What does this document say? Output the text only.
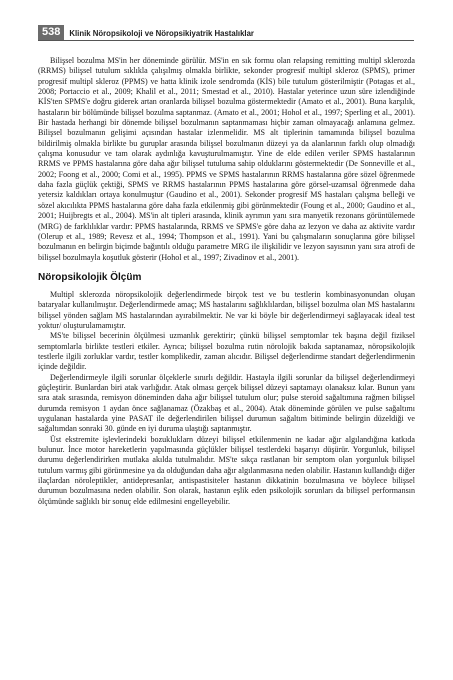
538	Klinik Nöropsikoloji ve Nöropsikiyatrik Hastalıklar

Bilişsel bozulma MS'in her döneminde görülür. MS'in en sık formu olan relapsing remitting multipl sklerozda (RRMS) bilişsel tutulum sıklıkla çalışılmış olmakla birlikte, sekonder progresif multipl skleroz (SPMS), primer progresif multipl skleroz (PPMS) ve hatta klinik izole sendromda (KİS) bile tutulum gösterilmiştir (Potagas et al., 2008; Portaccio et al., 2009; Khalil et al., 2011; Smestad et al., 2010). Hastalar yeterince uzun süre izlendiğinde KİS'ten SPMS'e doğru giderek artan oranlarda bilişsel bozulma göstermektedir (Amato et al., 2001). Buna karşılık, hastaların bir bölümünde bilişsel bozulma saptanmaz. (Amato et al., 2001; Hohol et al., 1997; Sperling et al., 2001). Bir hastada herhangi bir dönemde bilişsel bozulmanın saptanmaması hiçbir zaman olmayacağı anlamına gelmez. Bilişsel bozulmanın gelişimi açısından hastalar izlenmelidir. MS alt tiplerinin tamamında bilişsel bozulma bildirilmiş olmakla birlikte bu guruplar arasında bilişsel bozulmanın düzeyi ya da alanlarının farklı olup olmadığı çalışma konusudur ve tam olarak aydınlığa kavuşturulmamıştır. Yine de elde edilen veriler SPMS hastalarının RRMS ve PPMS hastalarına göre daha ağır bilişsel tutuluma sahip olduklarını göstermektedir (De Sonneville et al., 2002; Foong et al., 2000; Comi et al., 1995). PPMS ve SPMS hastalarının RRMS hastalarına göre sözel öğrenmede daha fazla güçlük çektiği, SPMS ve RRMS hastalarının PPMS hastalarına göre görsel-uzamsal öğrenmede daha yetersiz kaldıkları ortaya konulmuştur (Gaudino et al., 2001). Sekonder progresif MS hastaları çalışma belleği ve sözel akıcılıkta PPMS hastalarına göre daha fazla etkilenmiş gibi görünmektedir (Foung et al., 2000; Gaudino et al., 2001; Huijbregts et al., 2004). MS'in alt tipleri arasında, klinik ayrımın yanı sıra manyetik rezonans görüntülemede (MRG) de farklılıklar vardır: PPMS hastalarında, RRMS ve SPMS'e göre daha az lezyon ve daha az aktivite vardır (Olerup et al., 1989; Revesz et al., 1994; Thompson et al., 1991). Yani bu çalışmaların sonuçlarına göre bilişsel bozulmanın en belirgin biçimde bağıntılı olduğu parametre MRG ile ilişkilidir ve lezyon sayısının yanı sıra atrofi de bilişsel bozulmayla koşutluk gösterir (Hohol et al., 1997; Zivadinov et al., 2001).

Nöropsikolojik Ölçüm

Multipl sklerozda nöropsikolojik değerlendirmede birçok test ve bu testlerin kombinasyonundan oluşan bataryalar kullanılmıştır. Değerlendirmede amaç; MS hastalarını sağlıklılardan, bilişsel bozulma olan MS hastalarını bilişsel yönden sağlam MS hastalarından ayırabilmektir. Ne var ki böyle bir değerlendirmeyi sağlayacak ideal test yoktur/ oluşturulamamıştır.

MS'te bilişsel becerinin ölçülmesi uzmanlık gerektirir; çünkü bilişsel semptomlar tek başına değil fiziksel semptomlarla birlikte testleri etkiler. Ayrıca; bilişsel bozulma rutin nörolojik bakıda saptanamaz, nöropsikolojik testlerle ilgili zorluklar vardır, testler komplikedir, zaman alıcıdır. Bilişsel değerlendirme standart değerlendirmenin içinde değildir.

Değerlendirmeyle ilgili sorunlar ölçeklerle sınırlı değildir. Hastayla ilgili sorunlar da bilişsel değerlendirmeyi güçleştirir. Bunlardan biri atak varlığıdır. Atak olması gerçek bilişsel düzeyi saptamayı olanaksız kılar. Bunun yanı sıra atak sırasında, remisyon döneminden daha ağır bilişsel tutulum olur; pulse steroid sağaltımına rağmen bilişsel durumda remisyon 1 aydan önce sağlanamaz (Özakbaş et al., 2004). Atak döneminde görülen ve pulse sağaltımı uygulanan hastalarda yine PASAT ile değerlendirilen bilişsel durumun sağaltım bitiminde belirgin düzeldiği ve sağaltımdan sonraki 30. günde en iyi duruma ulaştığı saptanmıştır.

Üst ekstremite işlevlerindeki bozukluklarn düzeyi bilişsel etkilenmenin ne kadar ağır algılandığına katkıda bulunur. İnce motor hareketlerin yapılmasında güçlükler bilişsel testlerdeki başarıyı düşürür. Yorgunluk, bilişsel durumu değerlendirirken mutlaka akılda tutulmalıdır. MS'te sıkça rastlanan bir semptom olan yorgunluk bilişsel tutulum varmış gibi görünmesine ya da olduğundan daha ağır algılanmasına neden olabilir. Hastanın kullandığı diğer ilaçlardan nöroleptikler, antidepresanlar, antispastisiteler hastanın dikkatinin bozulmasına ve böylece bilişsel durumun bozulmasına neden olabilir. Son olarak, hastanın eşlik eden psikolojik sorunları da bilişsel performansın ölçümünde sağlıklı bir sonuç elde edilmesini engelleyebilir.
